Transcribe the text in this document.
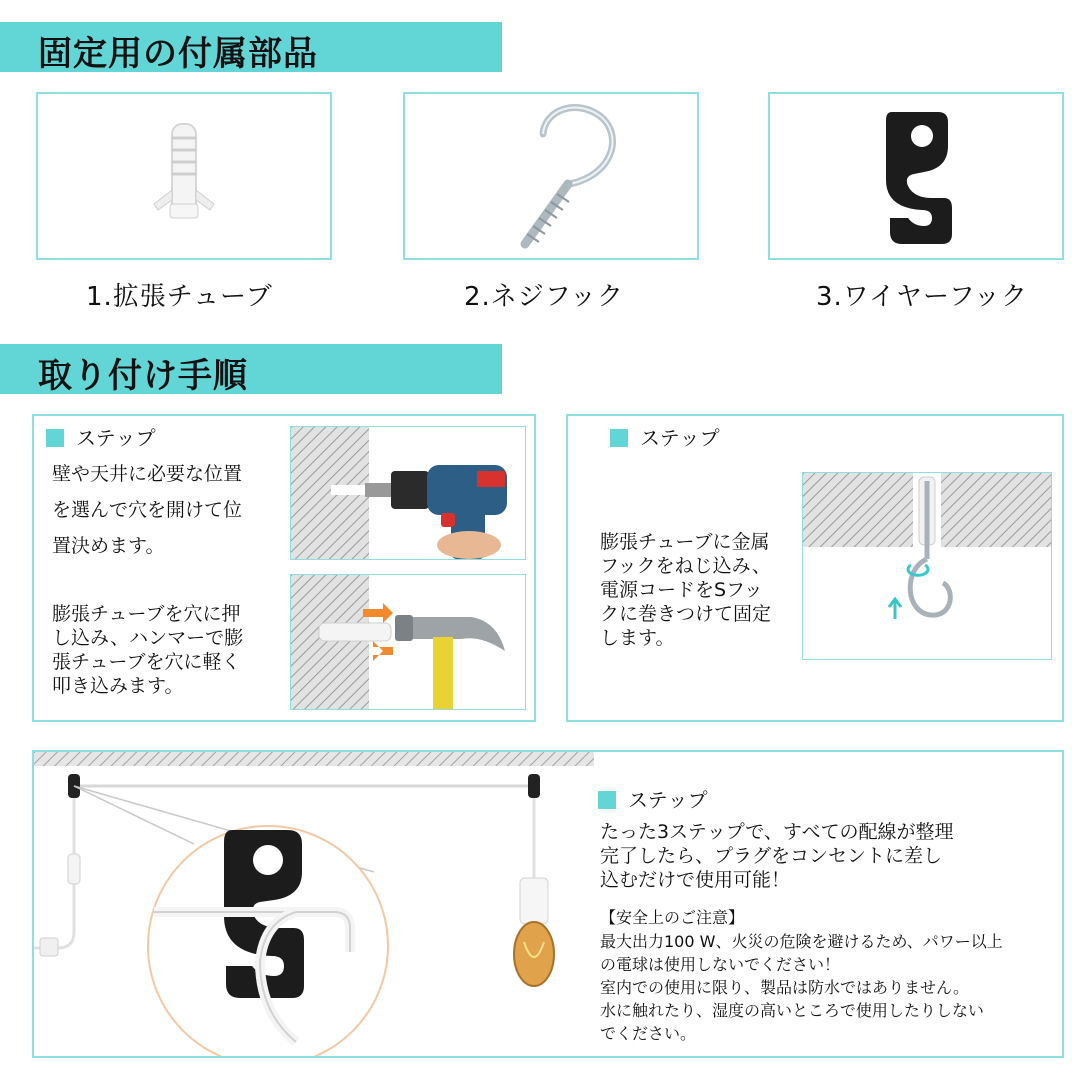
固定用の付属部品
1.拡張チューブ	2.ネジフック	3.ワイヤーフック
取り付け手順
ステップ
壁や天井に必要な位置
を選んで穴を開けて位
置決めます。
膨張チューブを穴に押
し込み、ハンマーで膨
張チューブを穴に軽く
叩き込みます。
ステップ
膨張チューブに金属
フックをねじ込み、
電源コードをSフッ
クに巻きつけて固定
します。
ステップ
たった3ステップで、すべての配線が整理
完了したら、プラグをコンセントに差し
込むだけで使用可能！
【安全上のご注意】
最大出力100 W、火災の危険を避けるため、パワー以上
の電球は使用しないでください！
室内での使用に限り、製品は防水ではありません。
水に触れたり、湿度の高いところで使用したりしない
でください。
